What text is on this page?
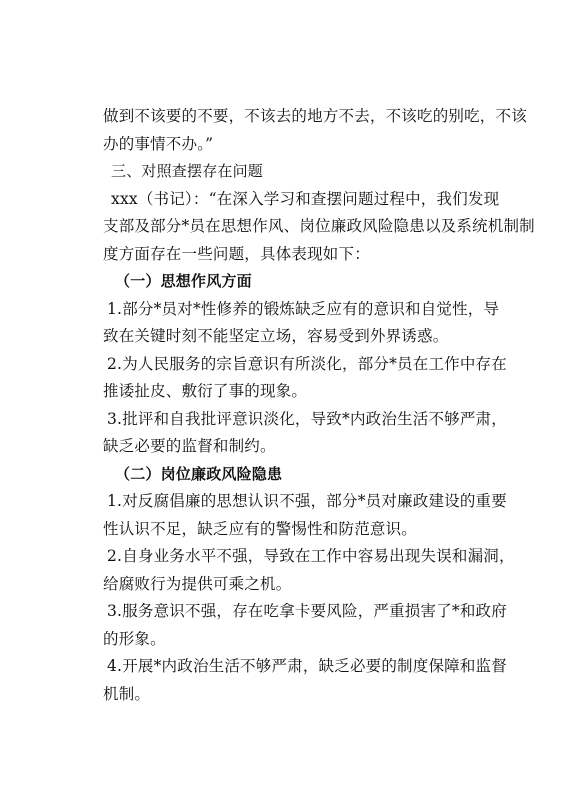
做到不该要的不要，不该去的地方不去，不该吃的别吃，不该
办的事情不办。”
三、对照查摆存在问题
xxx（书记）：“在深入学习和查摆问题过程中，我们发现
支部及部分*员在思想作风、岗位廉政风险隐患以及系统机制制
度方面存在一些问题，具体表现如下：
（一）思想作风方面
1.部分*员对*性修养的锻炼缺乏应有的意识和自觉性，导
致在关键时刻不能坚定立场，容易受到外界诱惑。
2.为人民服务的宗旨意识有所淡化，部分*员在工作中存在
推诿扯皮、敷衍了事的现象。
3.批评和自我批评意识淡化，导致*内政治生活不够严肃，
缺乏必要的监督和制约。
（二）岗位廉政风险隐患
1.对反腐倡廉的思想认识不强，部分*员对廉政建设的重要
性认识不足，缺乏应有的警惕性和防范意识。
2.自身业务水平不强，导致在工作中容易出现失误和漏洞，
给腐败行为提供可乘之机。
3.服务意识不强，存在吃拿卡要风险，严重损害了*和政府
的形象。
4.开展*内政治生活不够严肃，缺乏必要的制度保障和监督
机制。
